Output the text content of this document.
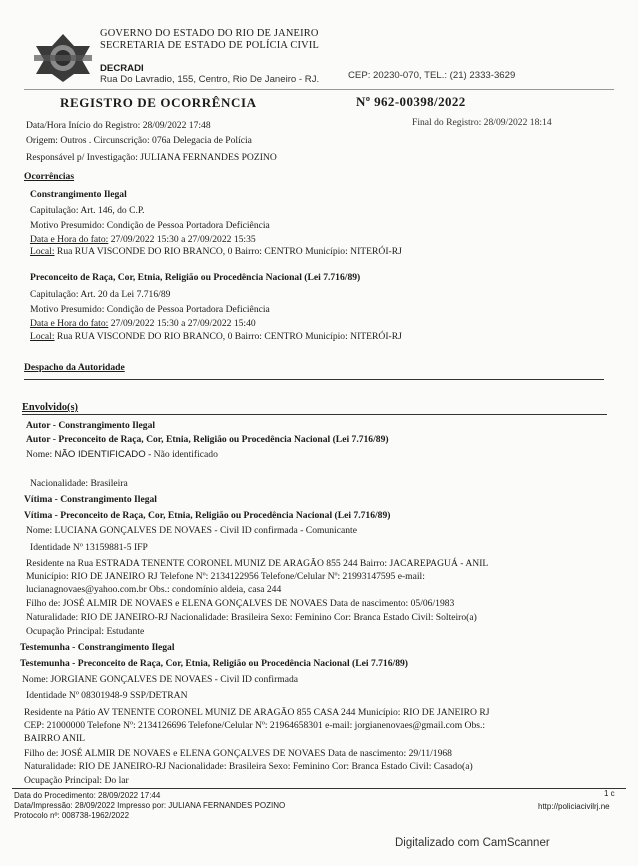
GOVERNO DO ESTADO DO RIO DE JANEIRO
SECRETARIA DE ESTADO DE POLÍCIA CIVIL
DECRADI
Rua Do Lavradio, 155, Centro, Rio De Janeiro - RJ.	CEP: 20230-070, TEL.: (21) 2333-3629
REGISTRO DE OCORRÊNCIA	Nº 962-00398/2022
Data/Hora Início do Registro: 28/09/2022 17:48	Final do Registro: 28/09/2022 18:14
Origem: Outros . Circunscrição: 076a Delegacia de Polícia
Responsável p/ Investigação: JULIANA FERNANDES POZINO
Ocorrências
Constrangimento Ilegal
Capitulação: Art. 146, do C.P.
Motivo Presumido: Condição de Pessoa Portadora Deficiência
Data e Hora do fato: 27/09/2022 15:30 a 27/09/2022 15:35
Local: Rua RUA VISCONDE DO RIO BRANCO, 0 Bairro: CENTRO Município: NITERÓI-RJ
Preconceito de Raça, Cor, Etnia, Religião ou Procedência Nacional (Lei 7.716/89)
Capitulação: Art. 20 da Lei 7.716/89
Motivo Presumido: Condição de Pessoa Portadora Deficiência
Data e Hora do fato: 27/09/2022 15:30 a 27/09/2022 15:40
Local: Rua RUA VISCONDE DO RIO BRANCO, 0 Bairro: CENTRO Município: NITERÓI-RJ
Despacho da Autoridade
Envolvido(s)
Autor - Constrangimento Ilegal
Autor - Preconceito de Raça, Cor, Etnia, Religião ou Procedência Nacional (Lei 7.716/89)
Nome: NÃO IDENTIFICADO - Não identificado
Nacionalidade: Brasileira
Vítima - Constrangimento Ilegal
Vítima - Preconceito de Raça, Cor, Etnia, Religião ou Procedência Nacional (Lei 7.716/89)
Nome: LUCIANA GONÇALVES DE NOVAES - Civil ID confirmada - Comunicante
Identidade Nº 13159881-5 IFP
Residente na Rua ESTRADA TENENTE CORONEL MUNIZ DE ARAGÃO 855 244 Bairro: JACAREPAGUÁ - ANIL
Município: RIO DE JANEIRO RJ Telefone Nº: 2134122956 Telefone/Celular Nº: 21993147595 e-mail:
lucianagnovaes@yahoo.com.br Obs.: condomínio aldeia, casa 244
Filho de: JOSÉ ALMIR DE NOVAES e ELENA GONÇALVES DE NOVAES Data de nascimento: 05/06/1983
Naturalidade: RIO DE JANEIRO-RJ Nacionalidade: Brasileira Sexo: Feminino Cor: Branca Estado Civil: Solteiro(a)
Ocupação Principal: Estudante
Testemunha - Constrangimento Ilegal
Testemunha - Preconceito de Raça, Cor, Etnia, Religião ou Procedência Nacional (Lei 7.716/89)
Nome: JORGIANE GONÇALVES DE NOVAES - Civil ID confirmada
Identidade Nº 08301948-9 SSP/DETRAN
Residente na Pátio AV TENENTE CORONEL MUNIZ DE ARAGÃO 855 CASA 244 Município: RIO DE JANEIRO RJ
CEP: 21000000 Telefone Nº: 2134126696 Telefone/Celular Nº: 21964658301 e-mail: jorgianenovaes@gmail.com Obs.:
BAIRRO ANIL
Filho de: JOSÉ ALMIR DE NOVAES e ELENA GONÇALVES DE NOVAES Data de nascimento: 29/11/1968
Naturalidade: RIO DE JANEIRO-RJ Nacionalidade: Brasileira Sexo: Feminino Cor: Branca Estado Civil: Casado(a)
Ocupação Principal: Do lar
Data do Procedimento: 28/09/2022 17:44
Data/Impressão: 28/09/2022 Impresso por: JULIANA FERNANDES POZINO
Protocolo nº: 008738-1962/2022
1 c
http://policiacivilrj.ne
Digitalizado com CamScanner
